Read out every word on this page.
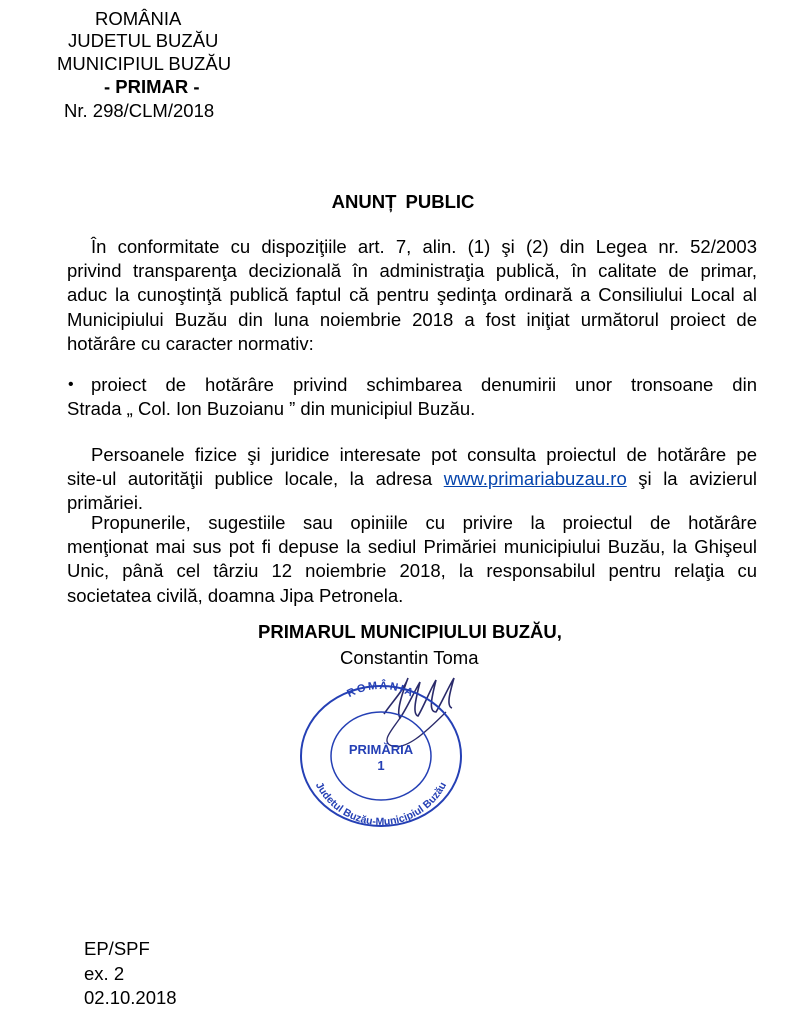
ROMÂNIA
JUDETUL BUZĂU
MUNICIPIUL BUZĂU
- PRIMAR -
Nr. 298/CLM/2018
ANUNȚ PUBLIC
În conformitate cu dispoziţiile art. 7, alin. (1) şi (2) din Legea nr. 52/2003
privind transparenţa decizională în administraţia publică, în calitate de primar,
aduc la cunoştinţă publică faptul că pentru şedinţa ordinară a Consiliului Local al
Municipiului Buzău din luna noiembrie 2018 a fost iniţiat următorul proiect de
hotărâre cu caracter normativ:
• proiect de hotărâre privind schimbarea denumirii unor tronsoane din
Strada „ Col. Ion Buzoianu ” din municipiul Buzău.
Persoanele fizice şi juridice interesate pot consulta proiectul de hotărâre pe
site-ul autorităţii publice locale, la adresa www.primariabuzau.ro şi la avizierul
primăriei.
Propunerile, sugestiile sau opiniile cu privire la proiectul de hotărâre
menţionat mai sus pot fi depuse la sediul Primăriei municipiului Buzău, la Ghişeul
Unic, până cel târziu 12 noiembrie 2018, la responsabilul pentru relaţia cu
societatea civilă, doamna Jipa Petronela.
PRIMARUL MUNICIPIULUI BUZĂU,
Constantin Toma
ROMÂNIA
Judetul Buzău-Municipiul Buzău
PRIMĂRIA
1
EP/SPF
ex. 2
02.10.2018
